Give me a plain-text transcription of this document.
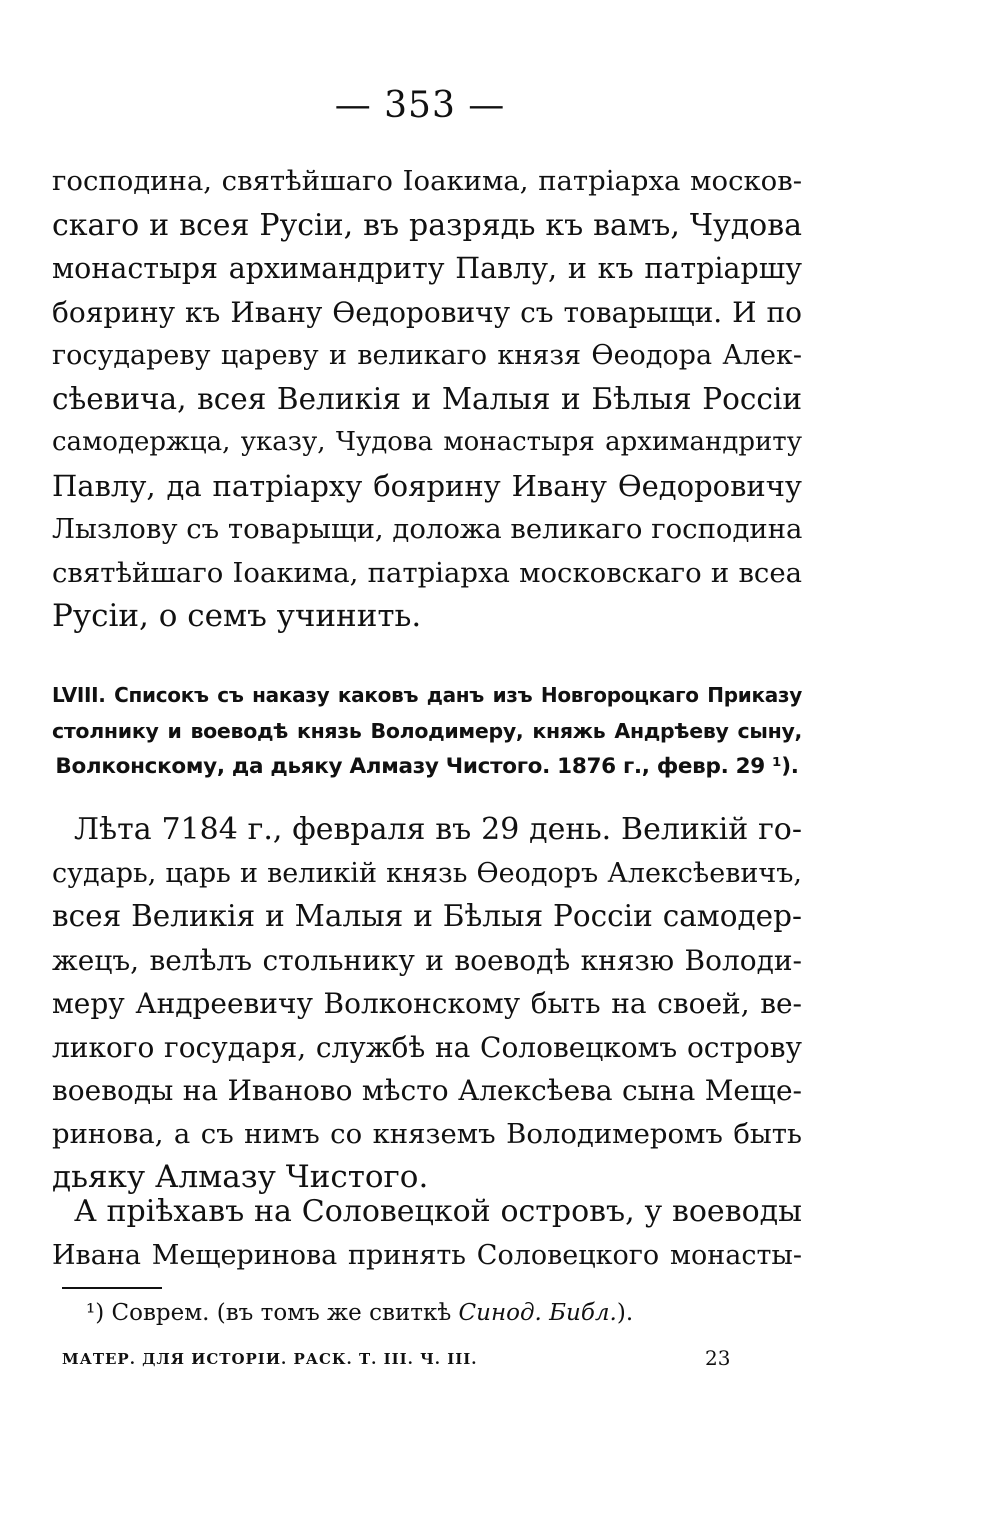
— 353 —
господина, святѣйшаго Іоакима, патріарха москов-
скаго и всея Русіи, въ разрядь къ вамъ, Чудова
монастыря архимандриту Павлу, и къ патріаршу
боярину къ Ивану Өедоровичу съ товарыщи. И по
государеву цареву и великаго князя Өеодора Алек-
сѣевича, всея Великія и Малыя и Бѣлыя Россіи
самодержца, указу, Чудова монастыря архимандриту
Павлу, да патріарху боярину Ивану Өедоровичу
Лызлову съ товарыщи, доложа великаго господина
святѣйшаго Іоакима, патріарха московскаго и всеа
Русіи, о семъ учинить.
LVIII. Списокъ съ наказу каковъ данъ изъ Новгороцкаго Приказу
столнику и воеводѣ князь Володимеру, княжь Андрѣеву сыну,
Волконскому, да дьяку Алмазу Чистого. 1876 г., февр. 29 ¹).
Лѣта 7184 г., февраля въ 29 день. Великій го-
сударь, царь и великій князь Өеодоръ Алексѣевичъ,
всея Великія и Малыя и Бѣлыя Россіи самодер-
жецъ, велѣлъ стольнику и воеводѣ князю Володи-
меру Андреевичу Волконскому быть на своей, ве-
ликого государя, службѣ на Соловецкомъ острову
воеводы на Ивановo мѣсто Алексѣева сына Меще-
ринова, а съ нимъ со княземъ Володимеромъ быть
дьяку Алмазу Чистого.
А пріѣхавъ на Соловецкой островъ, у воеводы
Ивана Мещеринова принять Соловецкого монасты-
¹) Соврем. (въ томъ же свиткѣ Синод. Библ.).
МАТЕР. ДЛЯ ИСТОРІИ. РАСК. Т. III. Ч. III.	23
